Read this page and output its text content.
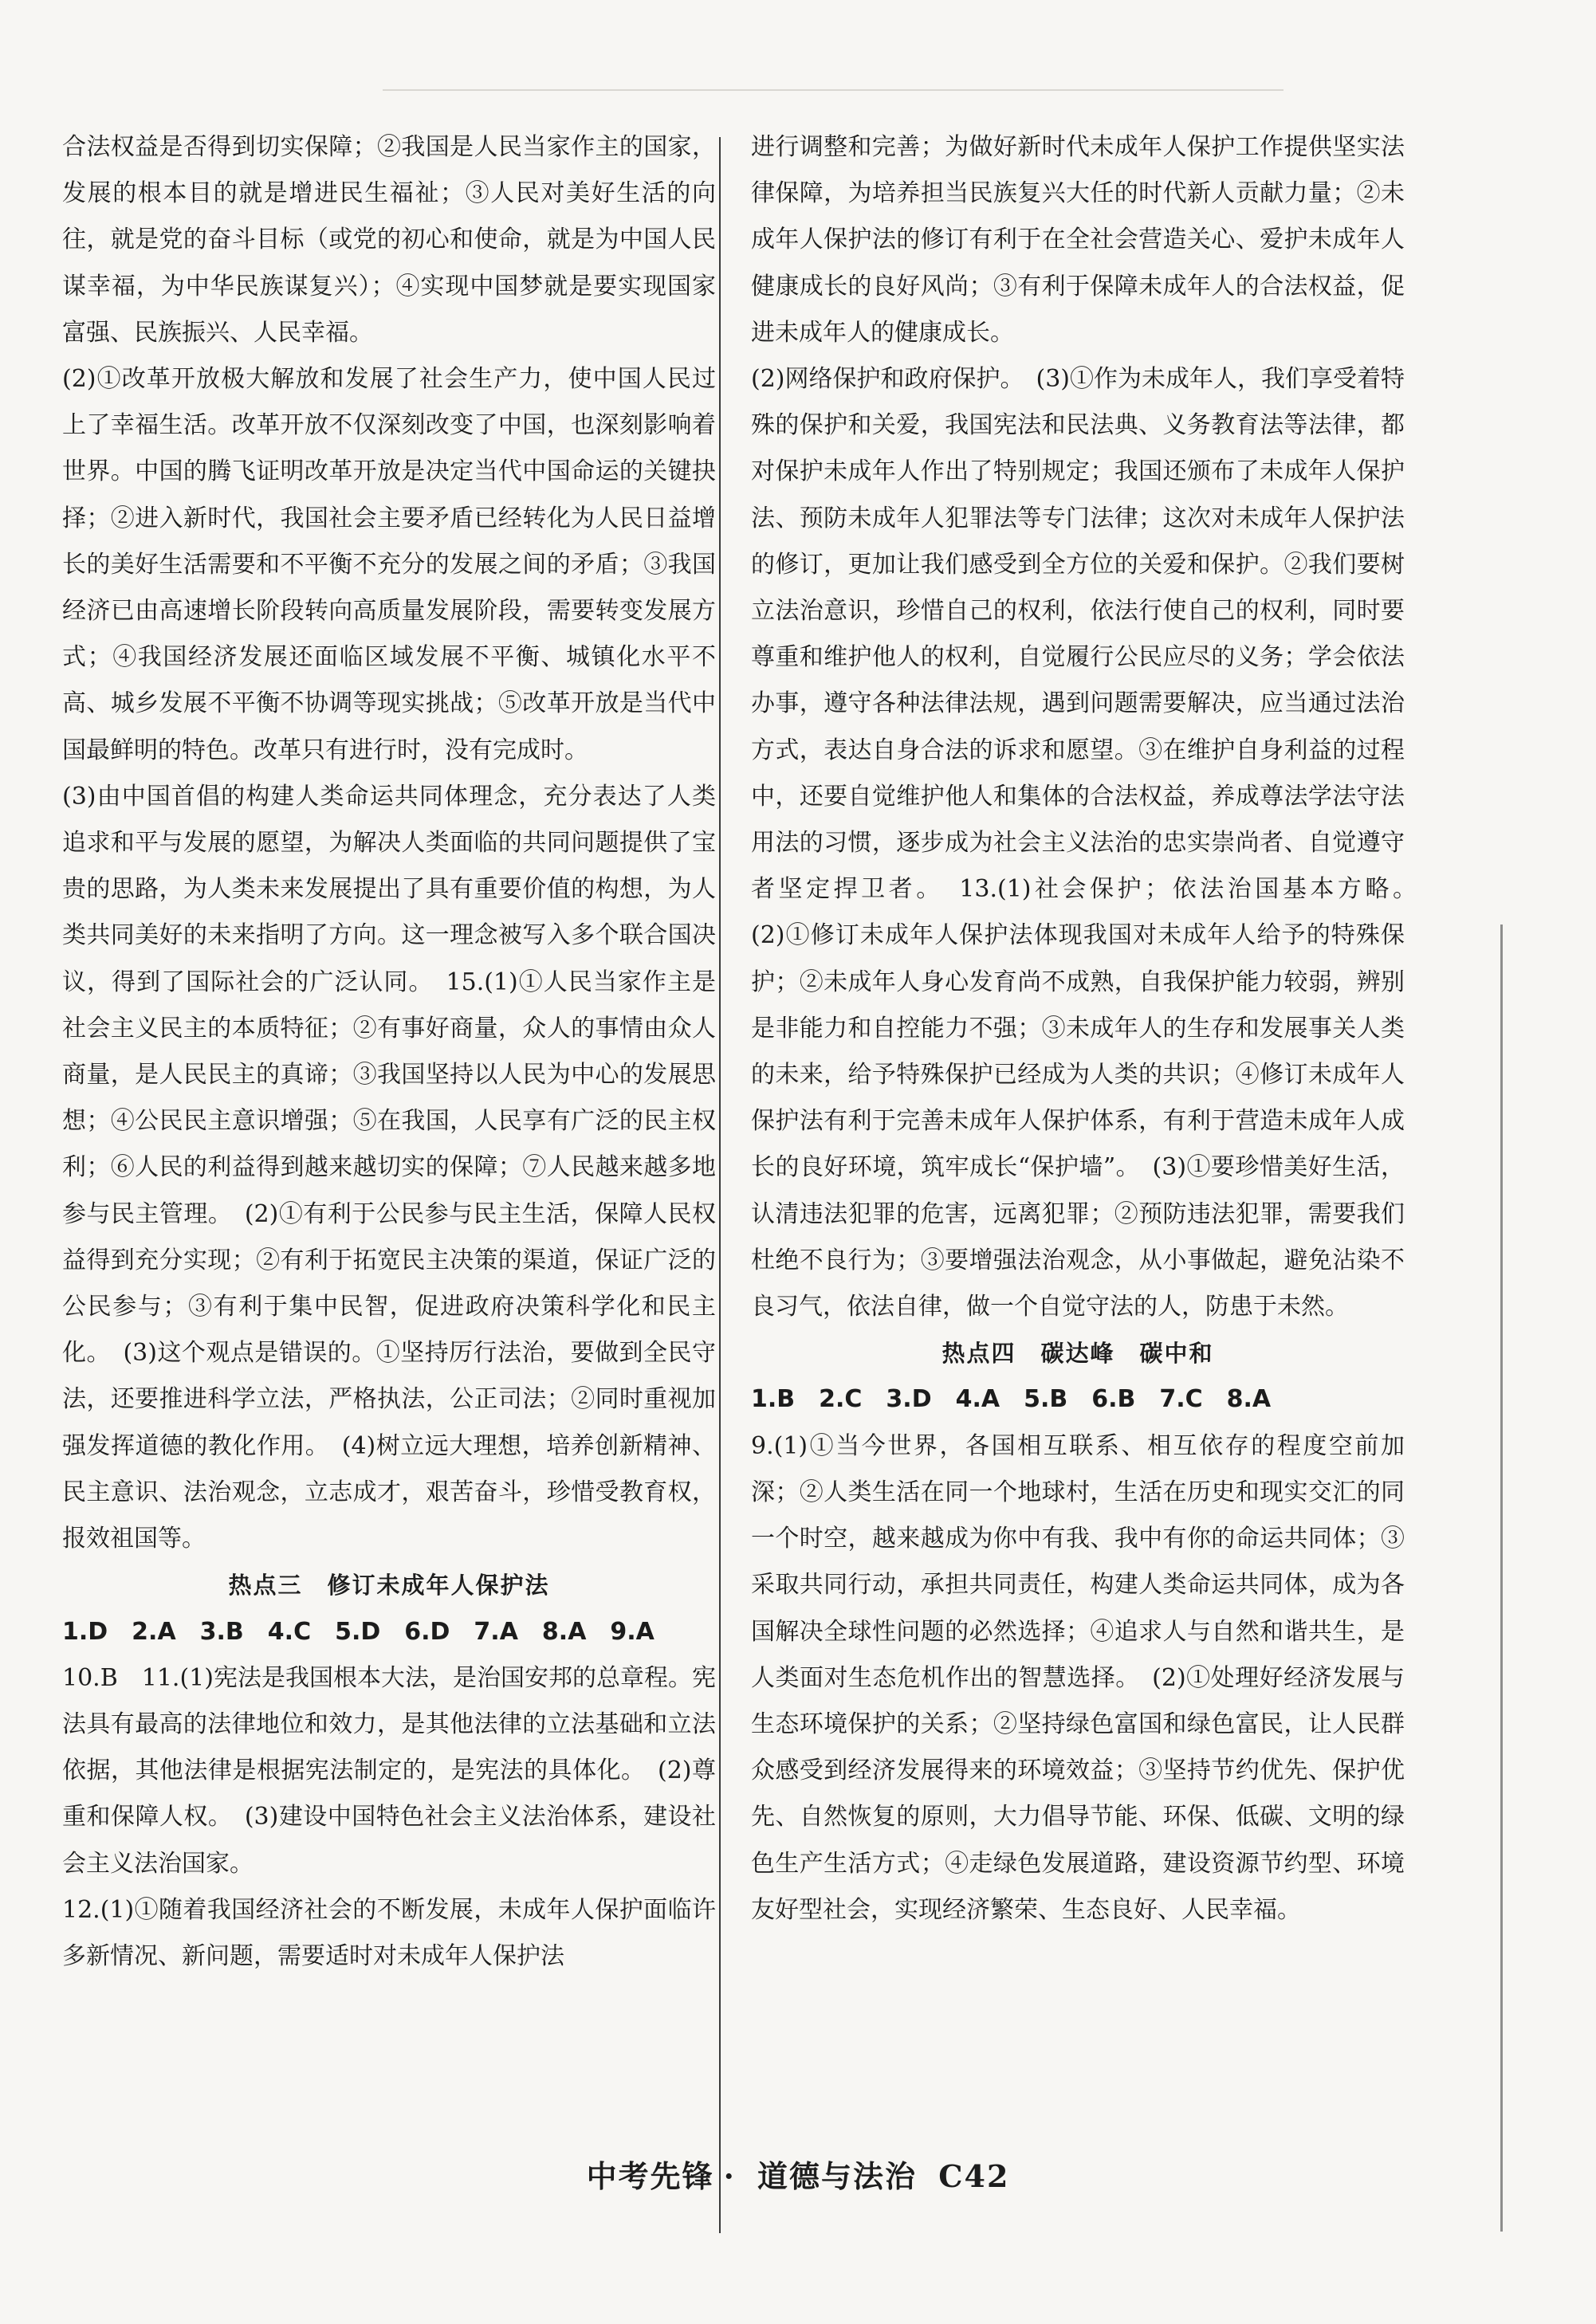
合法权益是否得到切实保障；②我国是人民当家作主的国家，发展的根本目的就是增进民生福祉；③人民对美好生活的向往，就是党的奋斗目标（或党的初心和使命，就是为中国人民谋幸福，为中华民族谋复兴）；④实现中国梦就是要实现国家富强、民族振兴、人民幸福。

(2)①改革开放极大解放和发展了社会生产力，使中国人民过上了幸福生活。改革开放不仅深刻改变了中国，也深刻影响着世界。中国的腾飞证明改革开放是决定当代中国命运的关键抉择；②进入新时代，我国社会主要矛盾已经转化为人民日益增长的美好生活需要和不平衡不充分的发展之间的矛盾；③我国经济已由高速增长阶段转向高质量发展阶段，需要转变发展方式；④我国经济发展还面临区域发展不平衡、城镇化水平不高、城乡发展不平衡不协调等现实挑战；⑤改革开放是当代中国最鲜明的特色。改革只有进行时，没有完成时。

(3)由中国首倡的构建人类命运共同体理念，充分表达了人类追求和平与发展的愿望，为解决人类面临的共同问题提供了宝贵的思路，为人类未来发展提出了具有重要价值的构想，为人类共同美好的未来指明了方向。这一理念被写入多个联合国决议，得到了国际社会的广泛认同。　15.(1)①人民当家作主是社会主义民主的本质特征；②有事好商量，众人的事情由众人商量，是人民民主的真谛；③我国坚持以人民为中心的发展思想；④公民民主意识增强；⑤在我国，人民享有广泛的民主权利；⑥人民的利益得到越来越切实的保障；⑦人民越来越多地参与民主管理。　(2)①有利于公民参与民主生活，保障人民权益得到充分实现；②有利于拓宽民主决策的渠道，保证广泛的公民参与；③有利于集中民智，促进政府决策科学化和民主化。　(3)这个观点是错误的。①坚持厉行法治，要做到全民守法，还要推进科学立法，严格执法，公正司法；②同时重视加强发挥道德的教化作用。　(4)树立远大理想，培养创新精神、民主意识、法治观念，立志成才，艰苦奋斗，珍惜受教育权，报效祖国等。

热点三　修订未成年人保护法

1.D　2.A　3.B　4.C　5.D　6.D　7.A　8.A　9.A

10.B　11.(1)宪法是我国根本大法，是治国安邦的总章程。宪法具有最高的法律地位和效力，是其他法律的立法基础和立法依据，其他法律是根据宪法制定的，是宪法的具体化。　(2)尊重和保障人权。　(3)建设中国特色社会主义法治体系，建设社会主义法治国家。

12.(1)①随着我国经济社会的不断发展，未成年人保护面临许多新情况、新问题，需要适时对未成年人保护法

进行调整和完善；为做好新时代未成年人保护工作提供坚实法律保障，为培养担当民族复兴大任的时代新人贡献力量；②未成年人保护法的修订有利于在全社会营造关心、爱护未成年人健康成长的良好风尚；③有利于保障未成年人的合法权益，促进未成年人的健康成长。

(2)网络保护和政府保护。　(3)①作为未成年人，我们享受着特殊的保护和关爱，我国宪法和民法典、义务教育法等法律，都对保护未成年人作出了特别规定；我国还颁布了未成年人保护法、预防未成年人犯罪法等专门法律；这次对未成年人保护法的修订，更加让我们感受到全方位的关爱和保护。②我们要树立法治意识，珍惜自己的权利，依法行使自己的权利，同时要尊重和维护他人的权利，自觉履行公民应尽的义务；学会依法办事，遵守各种法律法规，遇到问题需要解决，应当通过法治方式，表达自身合法的诉求和愿望。③在维护自身利益的过程中，还要自觉维护他人和集体的合法权益，养成尊法学法守法用法的习惯，逐步成为社会主义法治的忠实崇尚者、自觉遵守者坚定捍卫者。　13.(1)社会保护；依法治国基本方略。　(2)①修订未成年人保护法体现我国对未成年人给予的特殊保护；②未成年人身心发育尚不成熟，自我保护能力较弱，辨别是非能力和自控能力不强；③未成年人的生存和发展事关人类的未来，给予特殊保护已经成为人类的共识；④修订未成年人保护法有利于完善未成年人保护体系，有利于营造未成年人成长的良好环境，筑牢成长“保护墙”。　(3)①要珍惜美好生活，认清违法犯罪的危害，远离犯罪；②预防违法犯罪，需要我们杜绝不良行为；③要增强法治观念，从小事做起，避免沾染不良习气，依法自律，做一个自觉守法的人，防患于未然。

热点四　碳达峰　碳中和

1.B　2.C　3.D　4.A　5.B　6.B　7.C　8.A

9.(1)①当今世界，各国相互联系、相互依存的程度空前加深；②人类生活在同一个地球村，生活在历史和现实交汇的同一个时空，越来越成为你中有我、我中有你的命运共同体；③采取共同行动，承担共同责任，构建人类命运共同体，成为各国解决全球性问题的必然选择；④追求人与自然和谐共生，是人类面对生态危机作出的智慧选择。　(2)①处理好经济发展与生态环境保护的关系；②坚持绿色富国和绿色富民，让人民群众感受到经济发展得来的环境效益；③坚持节约优先、保护优先、自然恢复的原则，大力倡导节能、环保、低碳、文明的绿色生产生活方式；④走绿色发展道路，建设资源节约型、环境友好型社会，实现经济繁荣、生态良好、人民幸福。

中考先锋 · 道德与法治 C42
